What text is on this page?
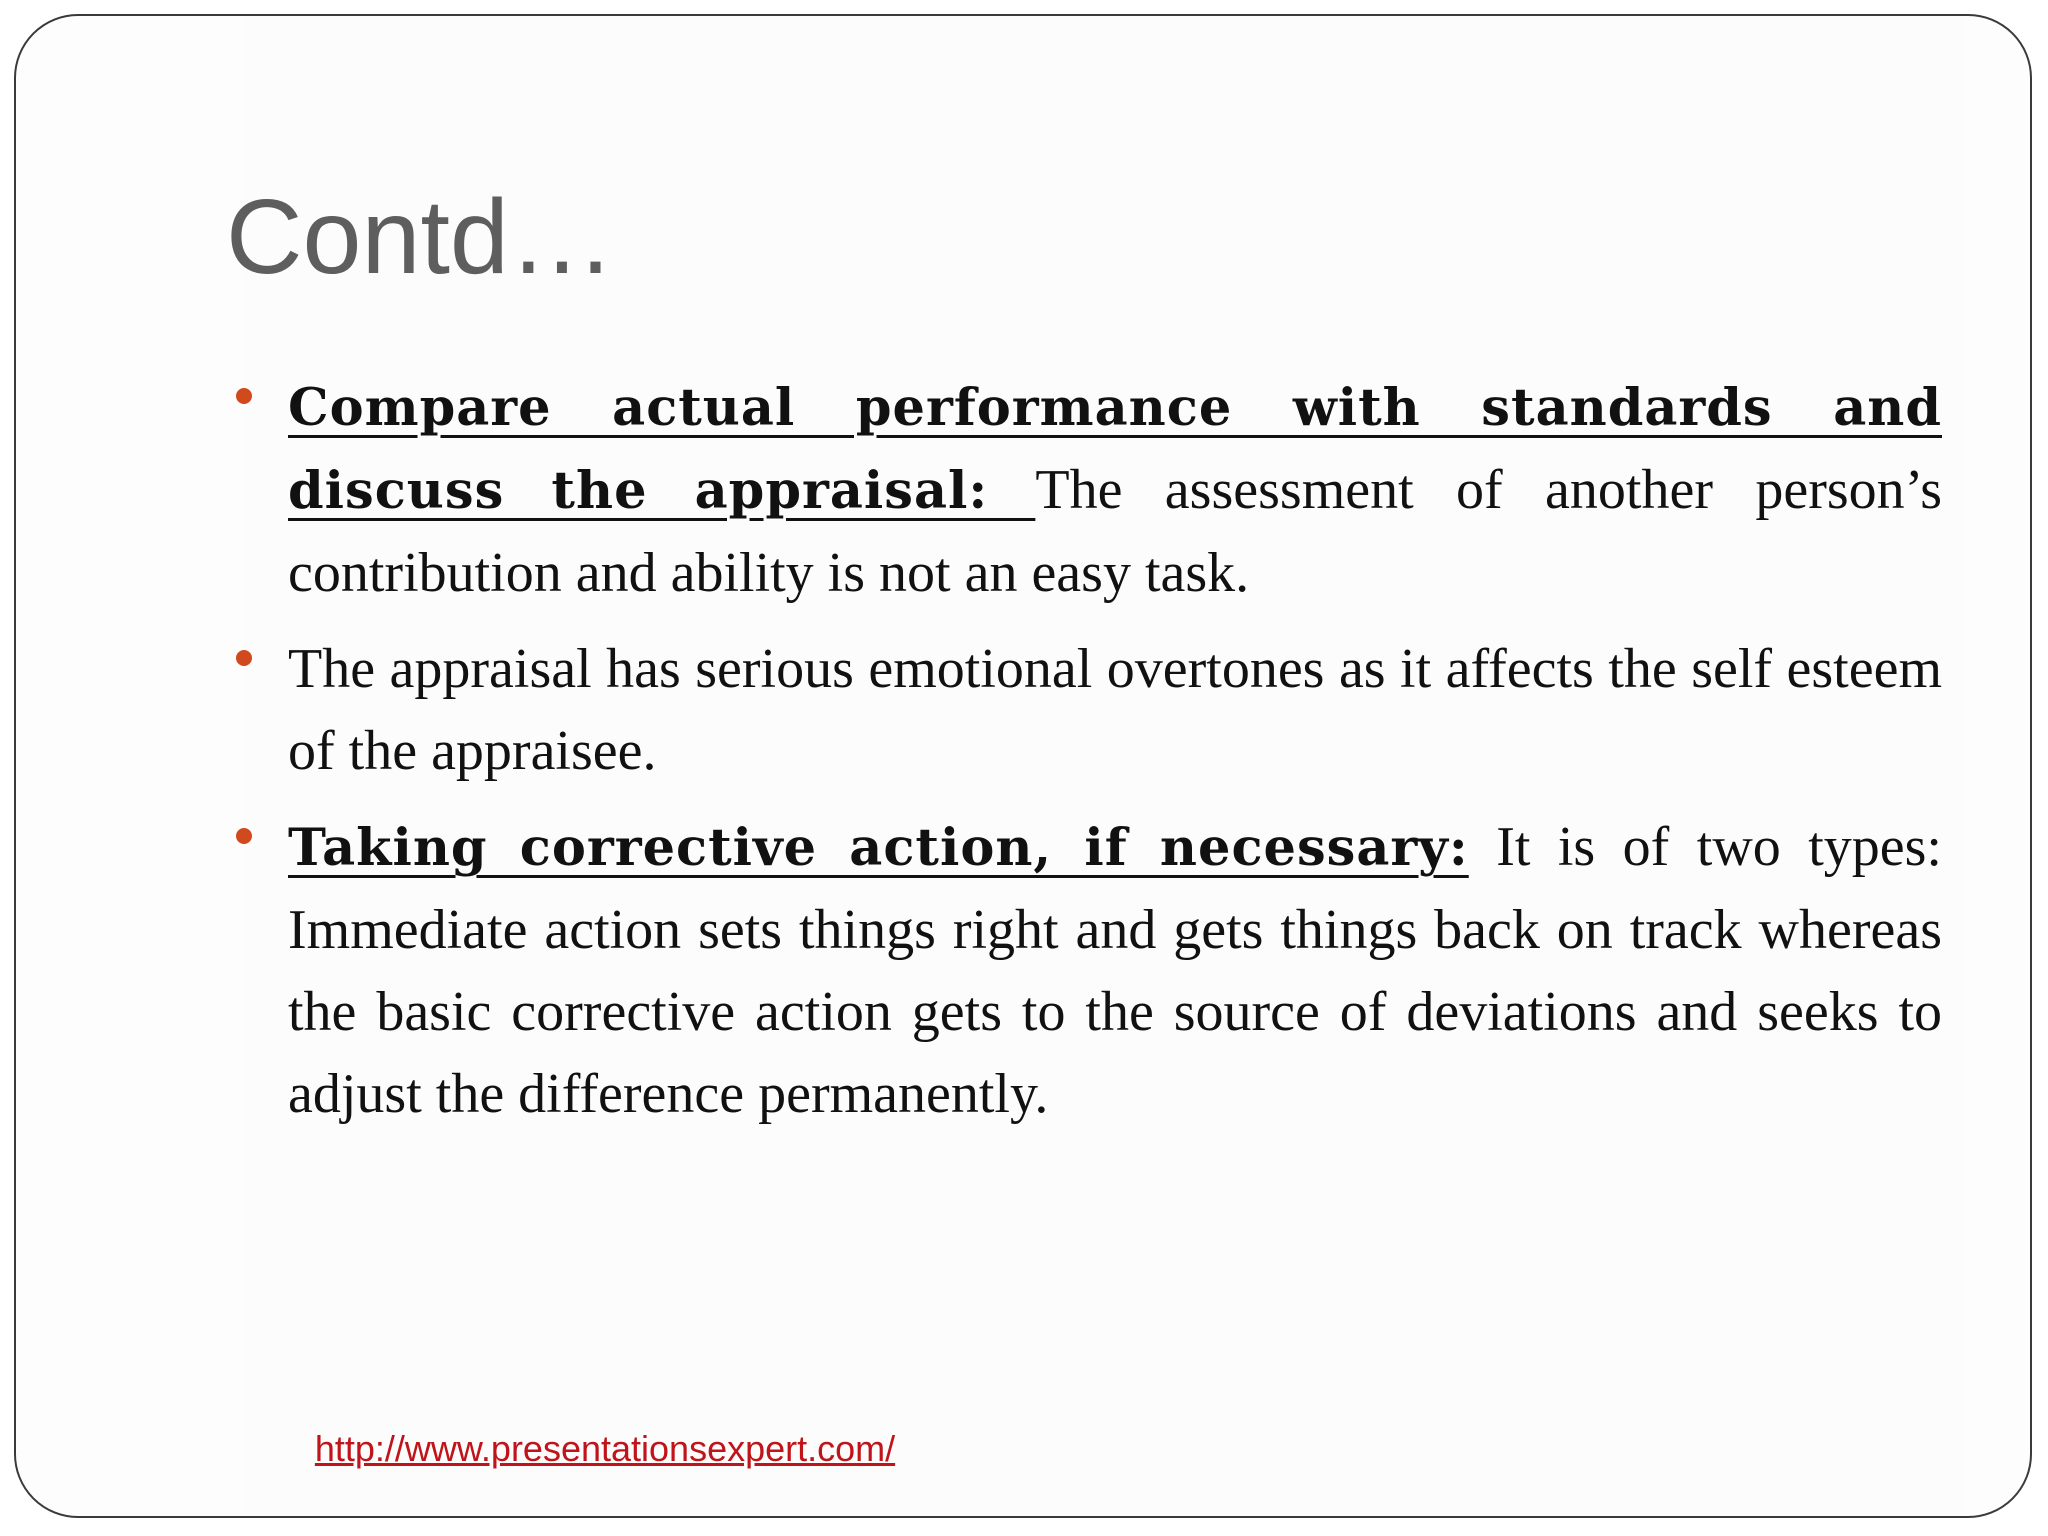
Contd…
Compare actual performance with standards and discuss the appraisal: The assessment of another person’s contribution and ability is not an easy task.
The appraisal has serious emotional overtones as it affects the self esteem of the appraisee.
Taking corrective action, if necessary: It is of two types: Immediate action sets things right and gets things back on track whereas the basic corrective action gets to the source of deviations and seeks to adjust the difference permanently.
http://www.presentationsexpert.com/
